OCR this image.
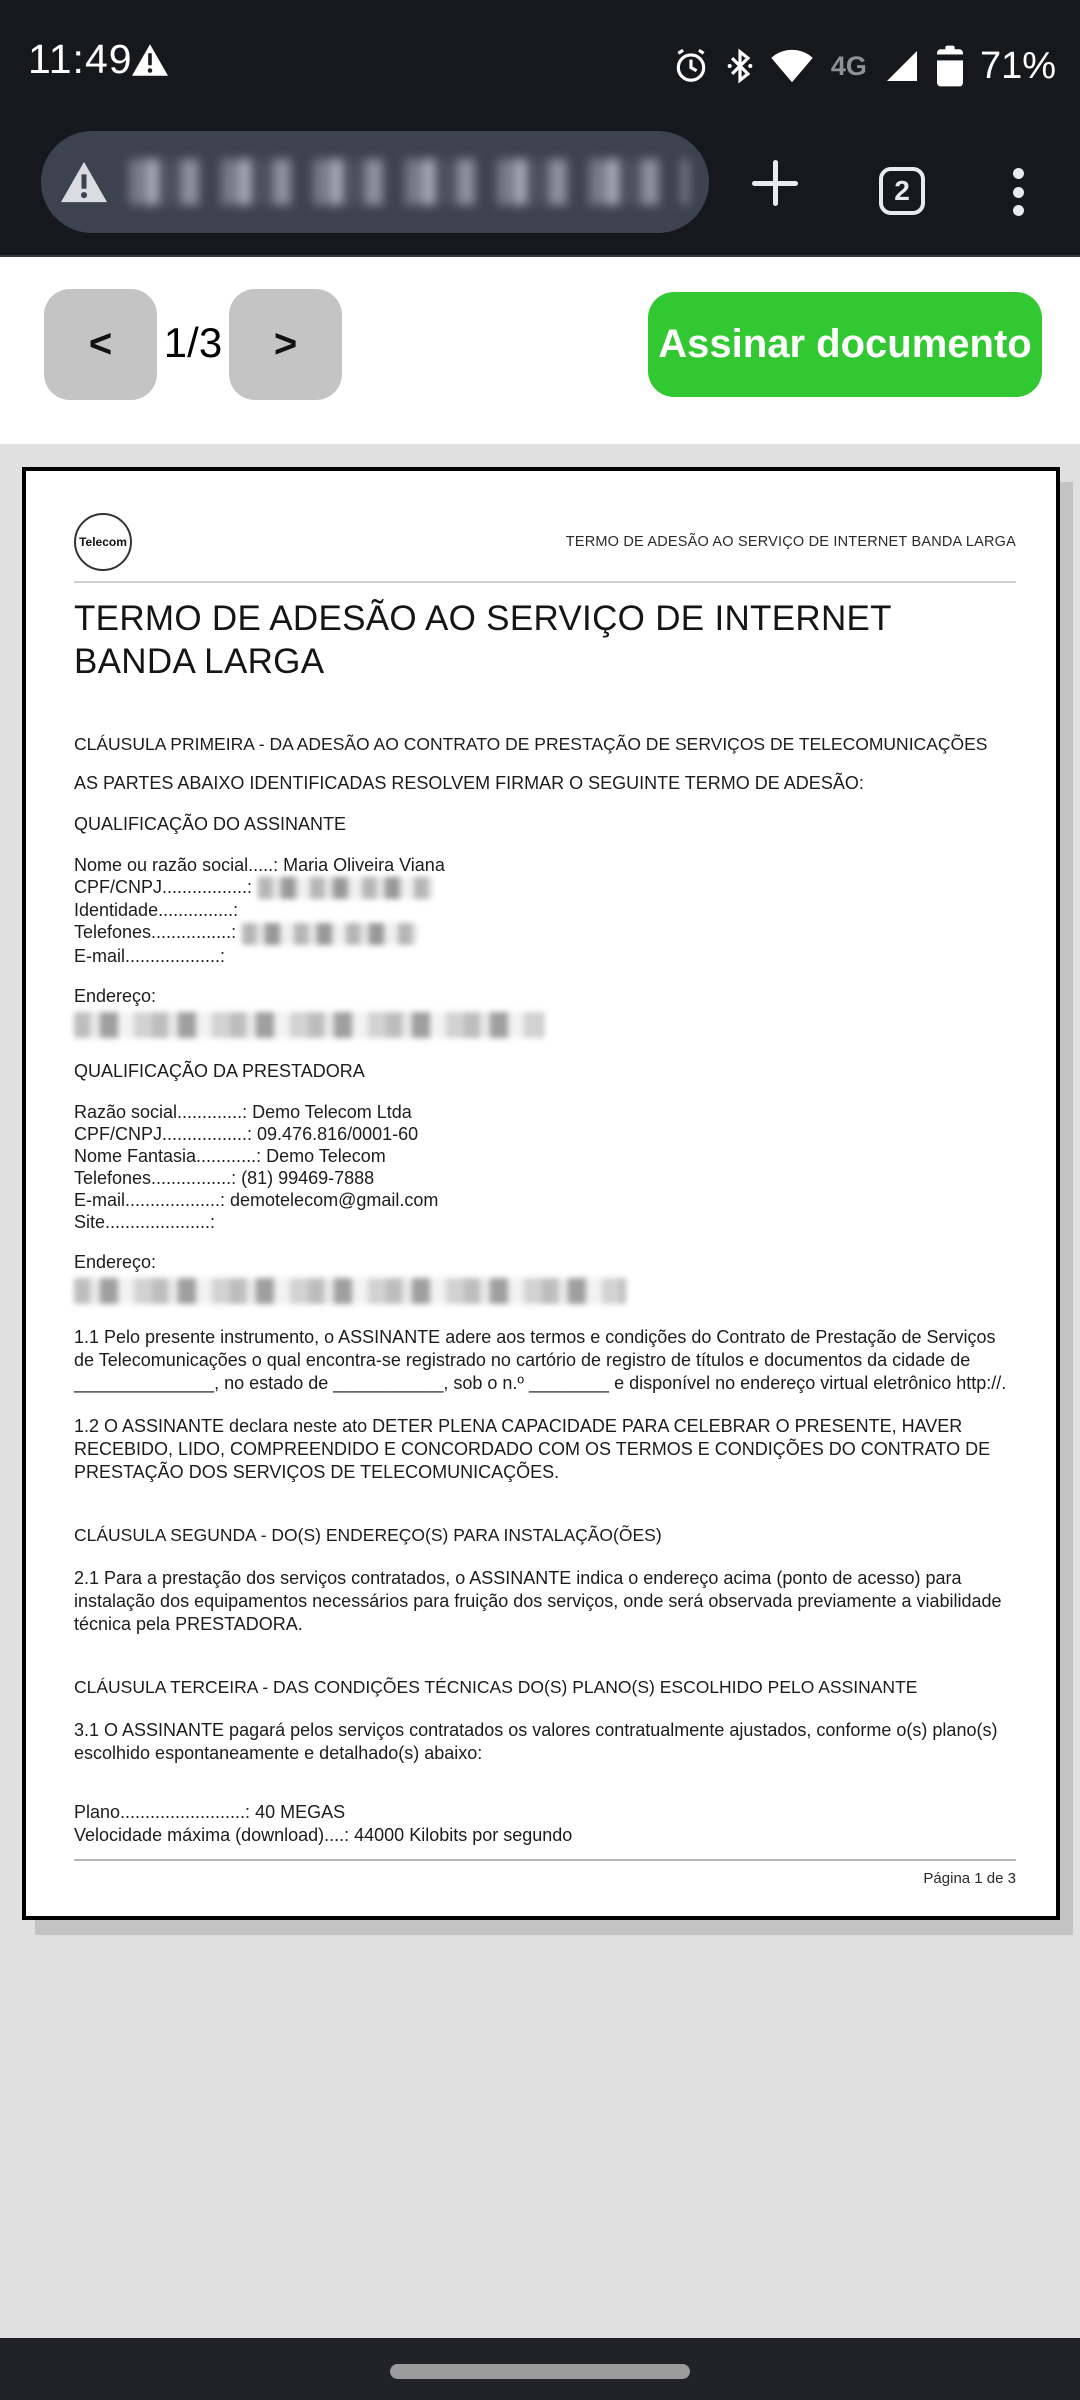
11:49	4G	71%
2
< 1/3 >	Assinar documento
Telecom	TERMO DE ADESÃO AO SERVIÇO DE INTERNET BANDA LARGA
TERMO DE ADESÃO AO SERVIÇO DE INTERNET BANDA LARGA

CLÁUSULA PRIMEIRA - DA ADESÃO AO CONTRATO DE PRESTAÇÃO DE SERVIÇOS DE TELECOMUNICAÇÕES

AS PARTES ABAIXO IDENTIFICADAS RESOLVEM FIRMAR O SEGUINTE TERMO DE ADESÃO:

QUALIFICAÇÃO DO ASSINANTE

Nome ou razão social.....: Maria Oliveira Viana
CPF/CNPJ.................:
Identidade...............:
Telefones................:
E-mail...................:
Endereço:

QUALIFICAÇÃO DA PRESTADORA

Razão social.............: Demo Telecom Ltda
CPF/CNPJ.................: 09.476.816/0001-60
Nome Fantasia............: Demo Telecom
Telefones................: (81) 99469-7888
E-mail...................: demotelecom@gmail.com
Site.....................:
Endereço:

1.1 Pelo presente instrumento, o ASSINANTE adere aos termos e condições do Contrato de Prestação de Serviços de Telecomunicações o qual encontra-se registrado no cartório de registro de títulos e documentos da cidade de ______________, no estado de ___________, sob o n.º ________ e disponível no endereço virtual eletrônico http://.

1.2 O ASSINANTE declara neste ato DETER PLENA CAPACIDADE PARA CELEBRAR O PRESENTE, HAVER RECEBIDO, LIDO, COMPREENDIDO E CONCORDADO COM OS TERMOS E CONDIÇÕES DO CONTRATO DE PRESTAÇÃO DOS SERVIÇOS DE TELECOMUNICAÇÕES.

CLÁUSULA SEGUNDA - DO(S) ENDEREÇO(S) PARA INSTALAÇÃO(ÕES)

2.1 Para a prestação dos serviços contratados, o ASSINANTE indica o endereço acima (ponto de acesso) para instalação dos equipamentos necessários para fruição dos serviços, onde será observada previamente a viabilidade técnica pela PRESTADORA.

CLÁUSULA TERCEIRA - DAS CONDIÇÕES TÉCNICAS DO(S) PLANO(S) ESCOLHIDO PELO ASSINANTE

3.1 O ASSINANTE pagará pelos serviços contratados os valores contratualmente ajustados, conforme o(s) plano(s) escolhido espontaneamente e detalhado(s) abaixo:

Plano.........................: 40 MEGAS
Velocidade máxima (download)....: 44000 Kilobits por segundo
Página 1 de 3
